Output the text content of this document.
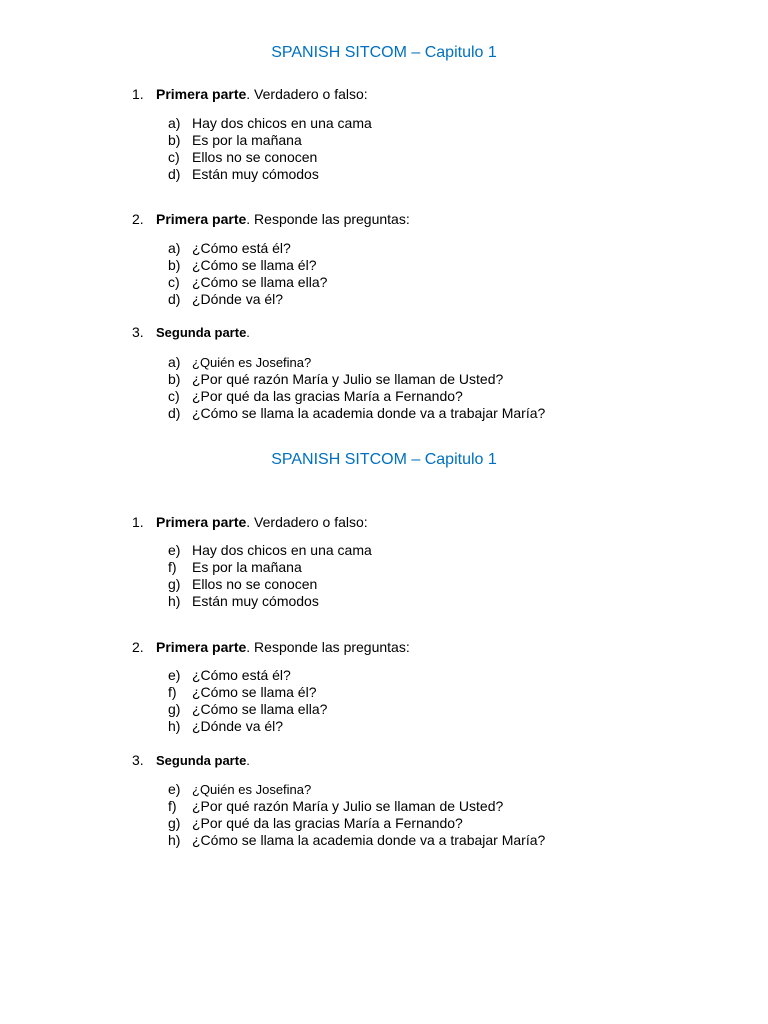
SPANISH SITCOM – Capitulo 1
1. Primera parte. Verdadero o falso:
a) Hay dos chicos en una cama
b) Es por la mañana
c) Ellos no se conocen
d) Están muy cómodos
2. Primera parte. Responde las preguntas:
a) ¿Cómo está él?
b) ¿Cómo se llama él?
c) ¿Cómo se llama ella?
d) ¿Dónde va él?
3. Segunda parte.
a) ¿Quién es Josefina?
b) ¿Por qué razón María y Julio se llaman de Usted?
c) ¿Por qué da las gracias María a Fernando?
d) ¿Cómo se llama la academia donde va a trabajar María?
SPANISH SITCOM – Capitulo 1
1. Primera parte. Verdadero o falso:
e) Hay dos chicos en una cama
f) Es por la mañana
g) Ellos no se conocen
h) Están muy cómodos
2. Primera parte. Responde las preguntas:
e) ¿Cómo está él?
f) ¿Cómo se llama él?
g) ¿Cómo se llama ella?
h) ¿Dónde va él?
3. Segunda parte.
e) ¿Quién es Josefina?
f) ¿Por qué razón María y Julio se llaman de Usted?
g) ¿Por qué da las gracias María a Fernando?
h) ¿Cómo se llama la academia donde va a trabajar María?
